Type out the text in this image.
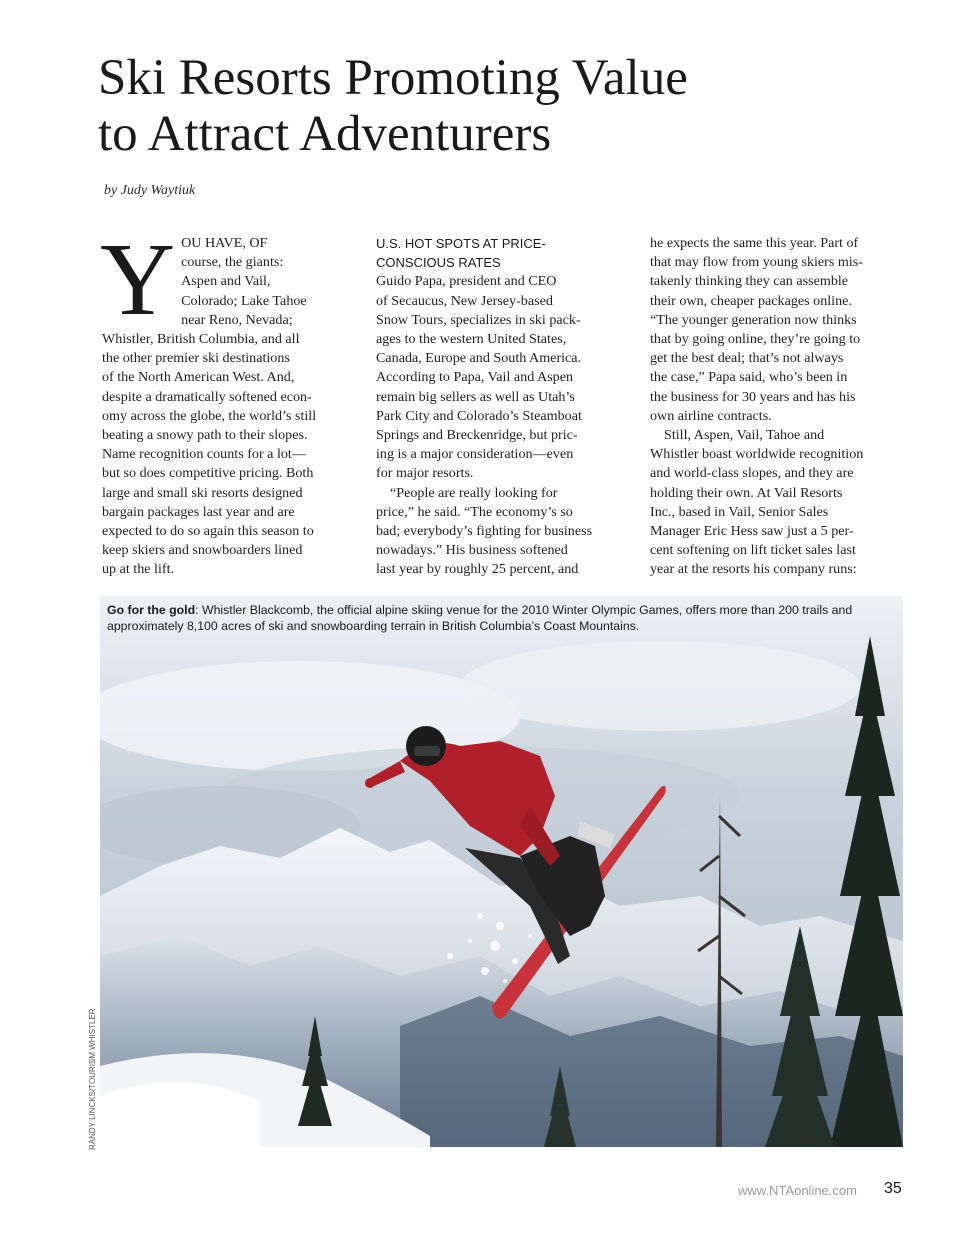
Ski Resorts Promoting Value
to Attract Adventurers
by Judy Waytiuk
Y OU HAVE, OF
course, the giants:
Aspen and Vail,
Colorado; Lake Tahoe
near Reno, Nevada;
Whistler, British Columbia, and all
the other premier ski destinations
of the North American West. And,
despite a dramatically softened econ-
omy across the globe, the world’s still
beating a snowy path to their slopes.
Name recognition counts for a lot—
but so does competitive pricing. Both
large and small ski resorts designed
bargain packages last year and are
expected to do so again this season to
keep skiers and snowboarders lined
up at the lift.

U.S. HOT SPOTS AT PRICE-
CONSCIOUS RATES

Guido Papa, president and CEO
of Secaucus, New Jersey-based
Snow Tours, specializes in ski pack-
ages to the western United States,
Canada, Europe and South America.
According to Papa, Vail and Aspen
remain big sellers as well as Utah’s
Park City and Colorado’s Steamboat
Springs and Breckenridge, but pric-
ing is a major consideration—even
for major resorts.

“People are really looking for
price,” he said. “The economy’s so
bad; everybody’s fighting for business
nowadays.” His business softened
last year by roughly 25 percent, and

he expects the same this year. Part of
that may flow from young skiers mis-
takenly thinking they can assemble
their own, cheaper packages online.
“The younger generation now thinks
that by going online, they’re going to
get the best deal; that’s not always
the case,” Papa said, who’s been in
the business for 30 years and has his
own airline contracts.

Still, Aspen, Vail, Tahoe and
Whistler boast worldwide recognition
and world-class slopes, and they are
holding their own. At Vail Resorts
Inc., based in Vail, Senior Sales
Manager Eric Hess saw just a 5 per-
cent softening on lift ticket sales last
year at the resorts his company runs:

Go for the gold: Whistler Blackcomb, the official alpine skiing venue for the 2010 Winter Olympic Games, offers more than 200 trails and approximately 8,100 acres of ski and snowboarding terrain in British Columbia’s Coast Mountains.
RANDY LINCKS/TOURISM WHISTLER
www.NTAonline.com 35
